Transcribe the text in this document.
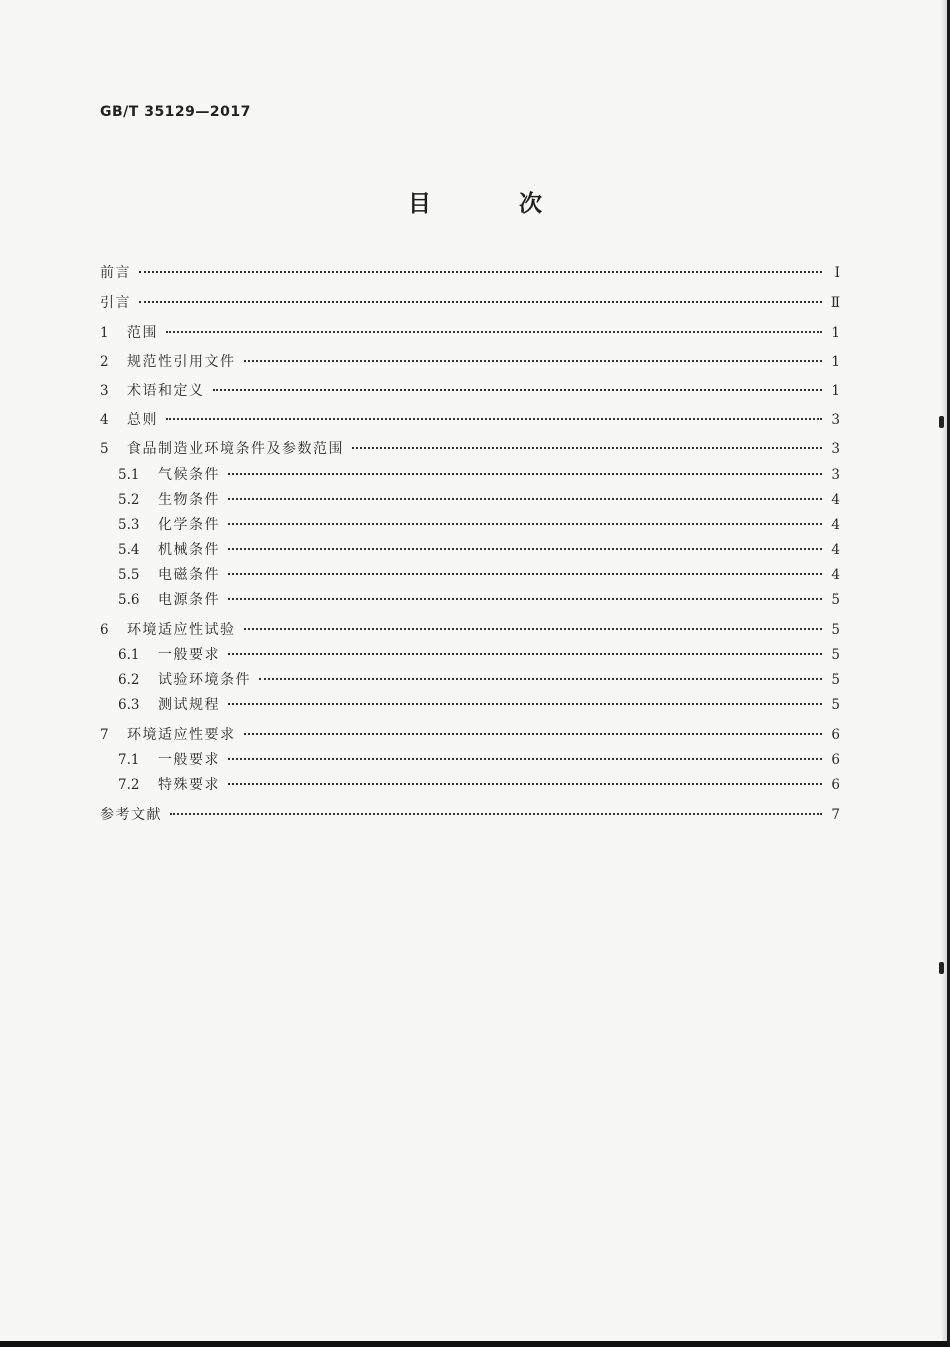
GB/T 35129—2017
目 次
前言	Ⅰ
引言	Ⅱ
1	范围	1
2	规范性引用文件	1
3	术语和定义	1
4	总则	3
5	食品制造业环境条件及参数范围	3
5.1	气候条件	3
5.2	生物条件	4
5.3	化学条件	4
5.4	机械条件	4
5.5	电磁条件	4
5.6	电源条件	5
6	环境适应性试验	5
6.1	一般要求	5
6.2	试验环境条件	5
6.3	测试规程	5
7	环境适应性要求	6
7.1	一般要求	6
7.2	特殊要求	6
参考文献	7
